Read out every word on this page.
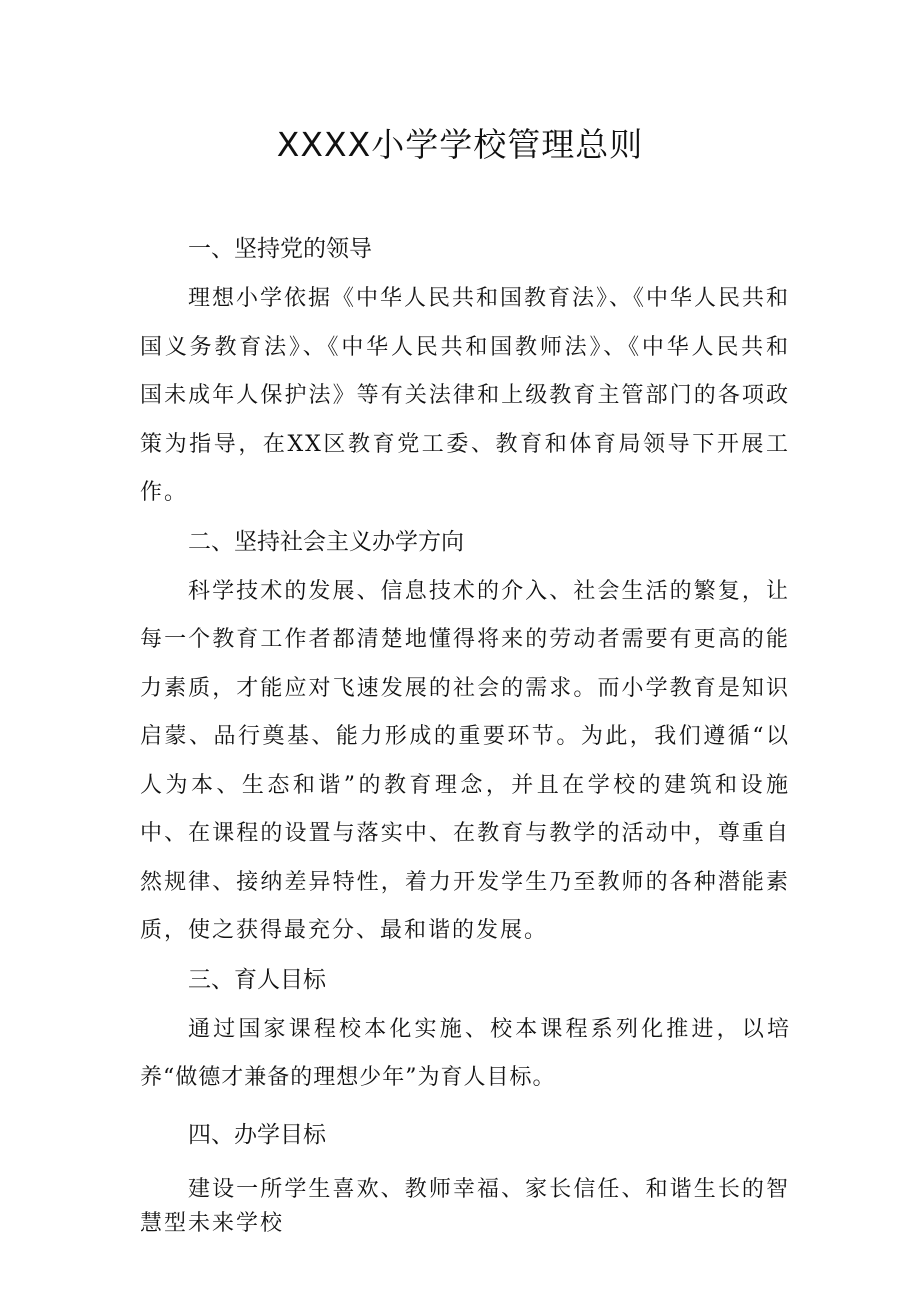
XXXX小学学校管理总则

一、坚持党的领导

理想小学依据《中华人民共和国教育法》、《中华人民共和国义务教育法》、《中华人民共和国教师法》、《中华人民共和国未成年人保护法》等有关法律和上级教育主管部门的各项政策为指导，在XX区教育党工委、教育和体育局领导下开展工作。

二、坚持社会主义办学方向

科学技术的发展、信息技术的介入、社会生活的繁复，让每一个教育工作者都清楚地懂得将来的劳动者需要有更高的能力素质，才能应对飞速发展的社会的需求。而小学教育是知识启蒙、品行奠基、能力形成的重要环节。为此，我们遵循“以人为本、生态和谐”的教育理念，并且在学校的建筑和设施中、在课程的设置与落实中、在教育与教学的活动中，尊重自然规律、接纳差异特性，着力开发学生乃至教师的各种潜能素质，使之获得最充分、最和谐的发展。

三、育人目标

通过国家课程校本化实施、校本课程系列化推进，以培养“做德才兼备的理想少年”为育人目标。

四、办学目标

建设一所学生喜欢、教师幸福、家长信任、和谐生长的智慧型未来学校
